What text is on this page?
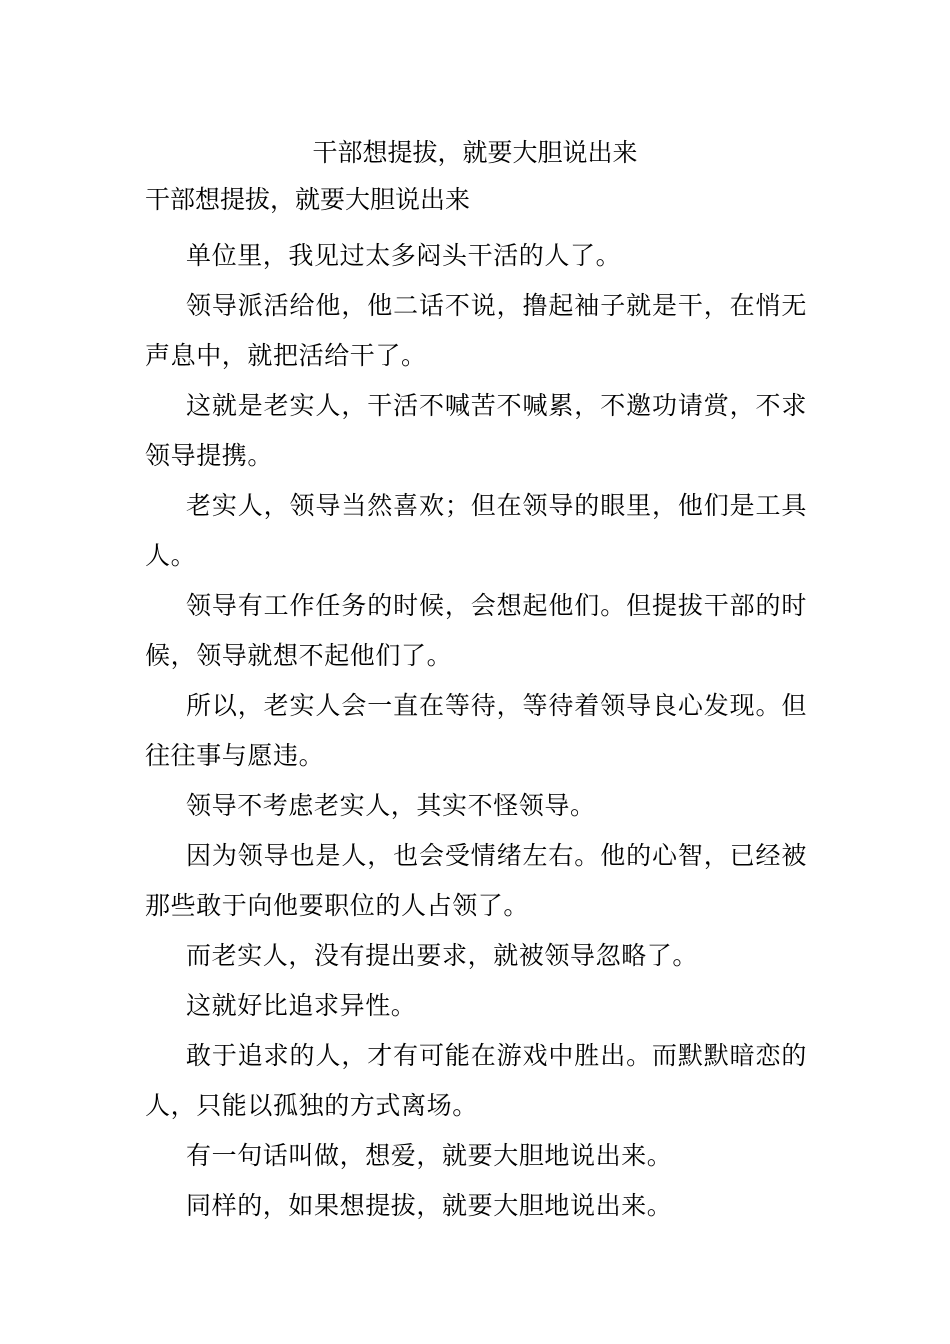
干部想提拔，就要大胆说出来

干部想提拔，就要大胆说出来

单位里，我见过太多闷头干活的人了。

领导派活给他，他二话不说，撸起袖子就是干，在悄无声息中，就把活给干了。

这就是老实人，干活不喊苦不喊累，不邀功请赏，不求领导提携。

老实人，领导当然喜欢；但在领导的眼里，他们是工具人。

领导有工作任务的时候，会想起他们。但提拔干部的时候，领导就想不起他们了。

所以，老实人会一直在等待，等待着领导良心发现。但往往事与愿违。

领导不考虑老实人，其实不怪领导。

因为领导也是人，也会受情绪左右。他的心智，已经被那些敢于向他要职位的人占领了。

而老实人，没有提出要求，就被领导忽略了。

这就好比追求异性。

敢于追求的人，才有可能在游戏中胜出。而默默暗恋的人，只能以孤独的方式离场。

有一句话叫做，想爱，就要大胆地说出来。

同样的，如果想提拔，就要大胆地说出来。
